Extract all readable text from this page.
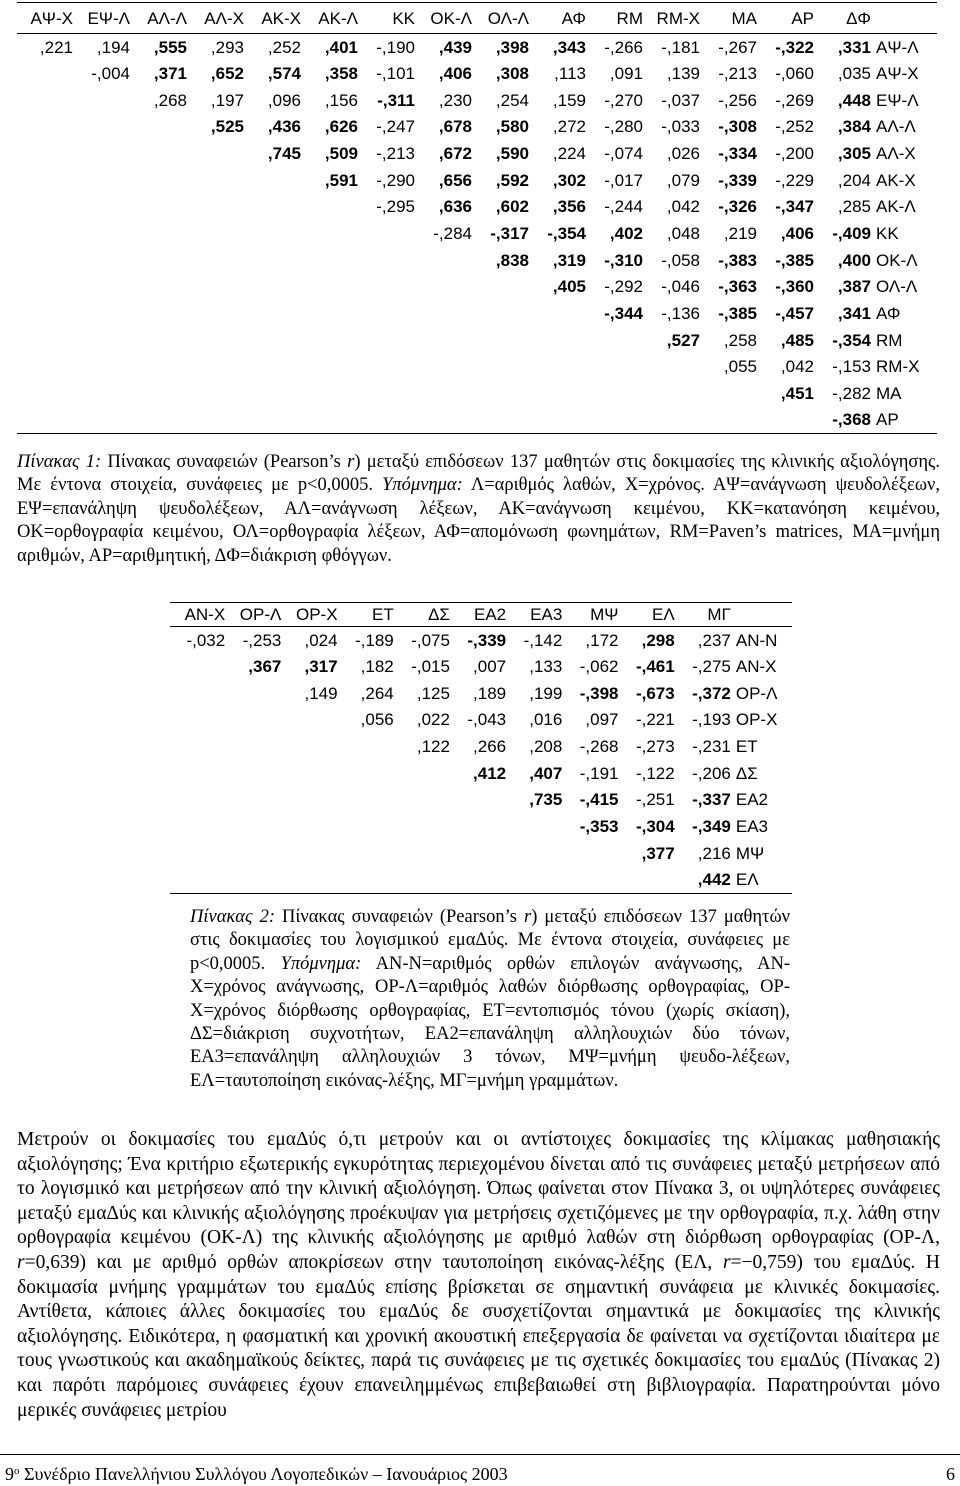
ΑΨ-Χ	ΕΨ-Λ	ΑΛ-Λ	ΑΛ-Χ	ΑΚ-Χ	ΑΚ-Λ	ΚΚ	ΟΚ-Λ	ΟΛ-Λ	ΑΦ	RM	RM-Χ	ΜΑ	ΑΡ	ΔΦ	
,221	,194	,555	,293	,252	,401	-,190	,439	,398	,343	-,266	-,181	-,267	-,322	,331	ΑΨ-Λ
	-,004	,371	,652	,574	,358	-,101	,406	,308	,113	,091	,139	-,213	-,060	,035	ΑΨ-Χ
		,268	,197	,096	,156	-,311	,230	,254	,159	-,270	-,037	-,256	-,269	,448	ΕΨ-Λ
			,525	,436	,626	-,247	,678	,580	,272	-,280	-,033	-,308	-,252	,384	ΑΛ-Λ
				,745	,509	-,213	,672	,590	,224	-,074	,026	-,334	-,200	,305	ΑΛ-Χ
					,591	-,290	,656	,592	,302	-,017	,079	-,339	-,229	,204	ΑΚ-Χ
						-,295	,636	,602	,356	-,244	,042	-,326	-,347	,285	ΑΚ-Λ
							-,284	-,317	-,354	,402	,048	,219	,406	-,409	ΚΚ
								,838	,319	-,310	-,058	-,383	-,385	,400	ΟΚ-Λ
									,405	-,292	-,046	-,363	-,360	,387	ΟΛ-Λ
										-,344	-,136	-,385	-,457	,341	ΑΦ
											,527	,258	,485	-,354	RM
												,055	,042	-,153	RM-Χ
													,451	-,282	ΜΑ
														-,368	ΑΡ

Πίνακας 1: Πίνακας συναφειών (Pearson’s r) μεταξύ επιδόσεων 137 μαθητών στις δοκιμασίες της κλινικής αξιολόγησης. Με έντονα στοιχεία, συνάφειες με p<0,0005. Υπόμνημα: Λ=αριθμός λαθών, Χ=χρόνος. ΑΨ=ανάγνωση ψευδολέξεων, ΕΨ=επανάληψη ψευδολέξεων, ΑΛ=ανάγνωση λέξεων, ΑΚ=ανάγνωση κειμένου, ΚΚ=κατανόηση κειμένου, ΟΚ=ορθογραφία κειμένου, ΟΛ=ορθογραφία λέξεων, ΑΦ=απομόνωση φωνημάτων, RM=Paven’s matrices, ΜΑ=μνήμη αριθμών, ΑΡ=αριθμητική, ΔΦ=διάκριση φθόγγων.

ΑΝ-Χ	ΟΡ-Λ	ΟΡ-Χ	ΕΤ	ΔΣ	ΕΑ2	ΕΑ3	ΜΨ	ΕΛ	ΜΓ	
-,032	-,253	,024	-,189	-,075	-,339	-,142	,172	,298	,237	ΑΝ-Ν
	,367	,317	,182	-,015	,007	,133	-,062	-,461	-,275	ΑΝ-Χ
		,149	,264	,125	,189	,199	-,398	-,673	-,372	ΟΡ-Λ
			,056	,022	-,043	,016	,097	-,221	-,193	ΟΡ-Χ
				,122	,266	,208	-,268	-,273	-,231	ΕΤ
					,412	,407	-,191	-,122	-,206	ΔΣ
						,735	-,415	-,251	-,337	ΕΑ2
							-,353	-,304	-,349	ΕΑ3
								,377	,216	ΜΨ
									,442	ΕΛ

Πίνακας 2: Πίνακας συναφειών (Pearson’s r) μεταξύ επιδόσεων 137 μαθητών στις δοκιμασίες του λογισμικού εμαΔύς. Με έντονα στοιχεία, συνάφειες με p<0,0005. Υπόμνημα: ΑΝ-Ν=αριθμός ορθών επιλογών ανάγνωσης, ΑΝ-Χ=χρόνος ανάγνωσης, ΟΡ-Λ=αριθμός λαθών διόρθωσης ορθογραφίας, ΟΡ-Χ=χρόνος διόρθωσης ορθογραφίας, ΕΤ=εντοπισμός τόνου (χωρίς σκίαση), ΔΣ=διάκριση συχνοτήτων, ΕΑ2=επανάληψη αλληλουχιών δύο τόνων, ΕΑ3=επανάληψη αλληλουχιών 3 τόνων, ΜΨ=μνήμη ψευδο-λέξεων, ΕΛ=ταυτοποίηση εικόνας-λέξης, ΜΓ=μνήμη γραμμάτων.

Μετρούν οι δοκιμασίες του εμαΔύς ό,τι μετρούν και οι αντίστοιχες δοκιμασίες της κλίμακας μαθησιακής αξιολόγησης; Ένα κριτήριο εξωτερικής εγκυρότητας περιεχομένου δίνεται από τις συνάφειες μεταξύ μετρήσεων από το λογισμικό και μετρήσεων από την κλινική αξιολόγηση. Όπως φαίνεται στον Πίνακα 3, οι υψηλότερες συνάφειες μεταξύ εμαΔύς και κλινικής αξιολόγησης προέκυψαν για μετρήσεις σχετιζόμενες με την ορθογραφία, π.χ. λάθη στην ορθογραφία κειμένου (ΟΚ-Λ) της κλινικής αξιολόγησης με αριθμό λαθών στη διόρθωση ορθογραφίας (ΟΡ-Λ, r=0,639) και με αριθμό ορθών αποκρίσεων στην ταυτοποίηση εικόνας-λέξης (ΕΛ, r=−0,759) του εμαΔύς. Η δοκιμασία μνήμης γραμμάτων του εμαΔύς επίσης βρίσκεται σε σημαντική συνάφεια με κλινικές δοκιμασίες. Αντίθετα, κάποιες άλλες δοκιμασίες του εμαΔύς δε συσχετίζονται σημαντικά με δοκιμασίες της κλινικής αξιολόγησης. Ειδικότερα, η φασματική και χρονική ακουστική επεξεργασία δε φαίνεται να σχετίζονται ιδιαίτερα με τους γνωστικούς και ακαδημαϊκούς δείκτες, παρά τις συνάφειες με τις σχετικές δοκιμασίες του εμαΔύς (Πίνακας 2) και παρότι παρόμοιες συνάφειες έχουν επανειλημμένως επιβεβαιωθεί στη βιβλιογραφία. Παρατηρούνται μόνο μερικές συνάφειες μετρίου

$9^o$ Συνέδριο Πανελλήνιου Συλλόγου Λογοπεδικών – Ιανουάριος 2003	6
